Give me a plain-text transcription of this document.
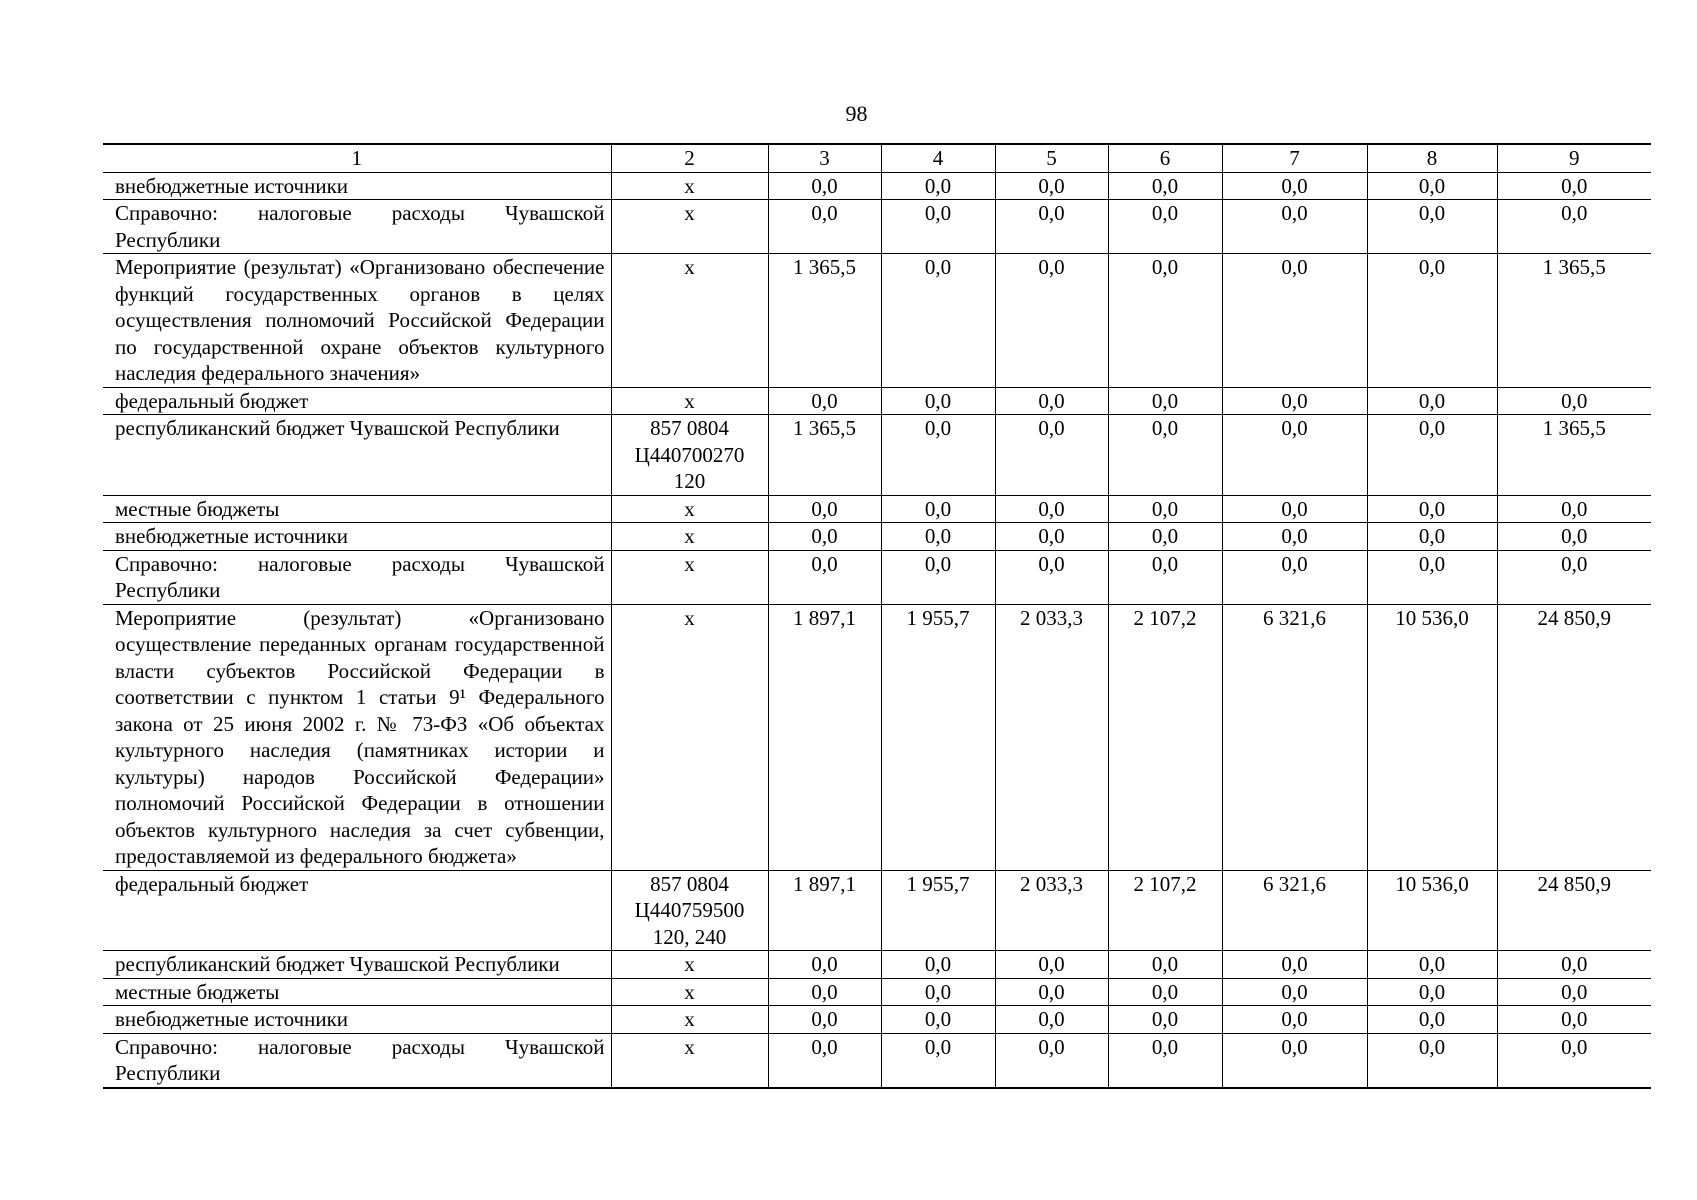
98
1	2	3	4	5	6	7	8	9
внебюджетные источники	х	0,0	0,0	0,0	0,0	0,0	0,0	0,0
Справочно: налоговые расходы Чувашской Республики	х	0,0	0,0	0,0	0,0	0,0	0,0	0,0
Мероприятие (результат) «Организовано обеспечение функций государственных органов в целях осуществления полномочий Российской Федерации по государственной охране объектов культурного наследия федерального значения»	х	1 365,5	0,0	0,0	0,0	0,0	0,0	1 365,5
федеральный бюджет	х	0,0	0,0	0,0	0,0	0,0	0,0	0,0
республиканский бюджет Чувашской Республики	857 0804 Ц440700270 120	1 365,5	0,0	0,0	0,0	0,0	0,0	1 365,5
местные бюджеты	х	0,0	0,0	0,0	0,0	0,0	0,0	0,0
внебюджетные источники	х	0,0	0,0	0,0	0,0	0,0	0,0	0,0
Справочно: налоговые расходы Чувашской Республики	х	0,0	0,0	0,0	0,0	0,0	0,0	0,0
Мероприятие (результат) «Организовано осуществление переданных органам государственной власти субъектов Российской Федерации в соответствии с пунктом 1 статьи 9¹ Федерального закона от 25 июня 2002 г. № 73-ФЗ «Об объектах культурного наследия (памятниках истории и культуры) народов Российской Федерации» полномочий Российской Федерации в отношении объектов культурного наследия за счет субвенции, предоставляемой из федерального бюджета»	х	1 897,1	1 955,7	2 033,3	2 107,2	6 321,6	10 536,0	24 850,9
федеральный бюджет	857 0804 Ц440759500 120, 240	1 897,1	1 955,7	2 033,3	2 107,2	6 321,6	10 536,0	24 850,9
республиканский бюджет Чувашской Республики	х	0,0	0,0	0,0	0,0	0,0	0,0	0,0
местные бюджеты	х	0,0	0,0	0,0	0,0	0,0	0,0	0,0
внебюджетные источники	х	0,0	0,0	0,0	0,0	0,0	0,0	0,0
Справочно: налоговые расходы Чувашской Республики	х	0,0	0,0	0,0	0,0	0,0	0,0	0,0
